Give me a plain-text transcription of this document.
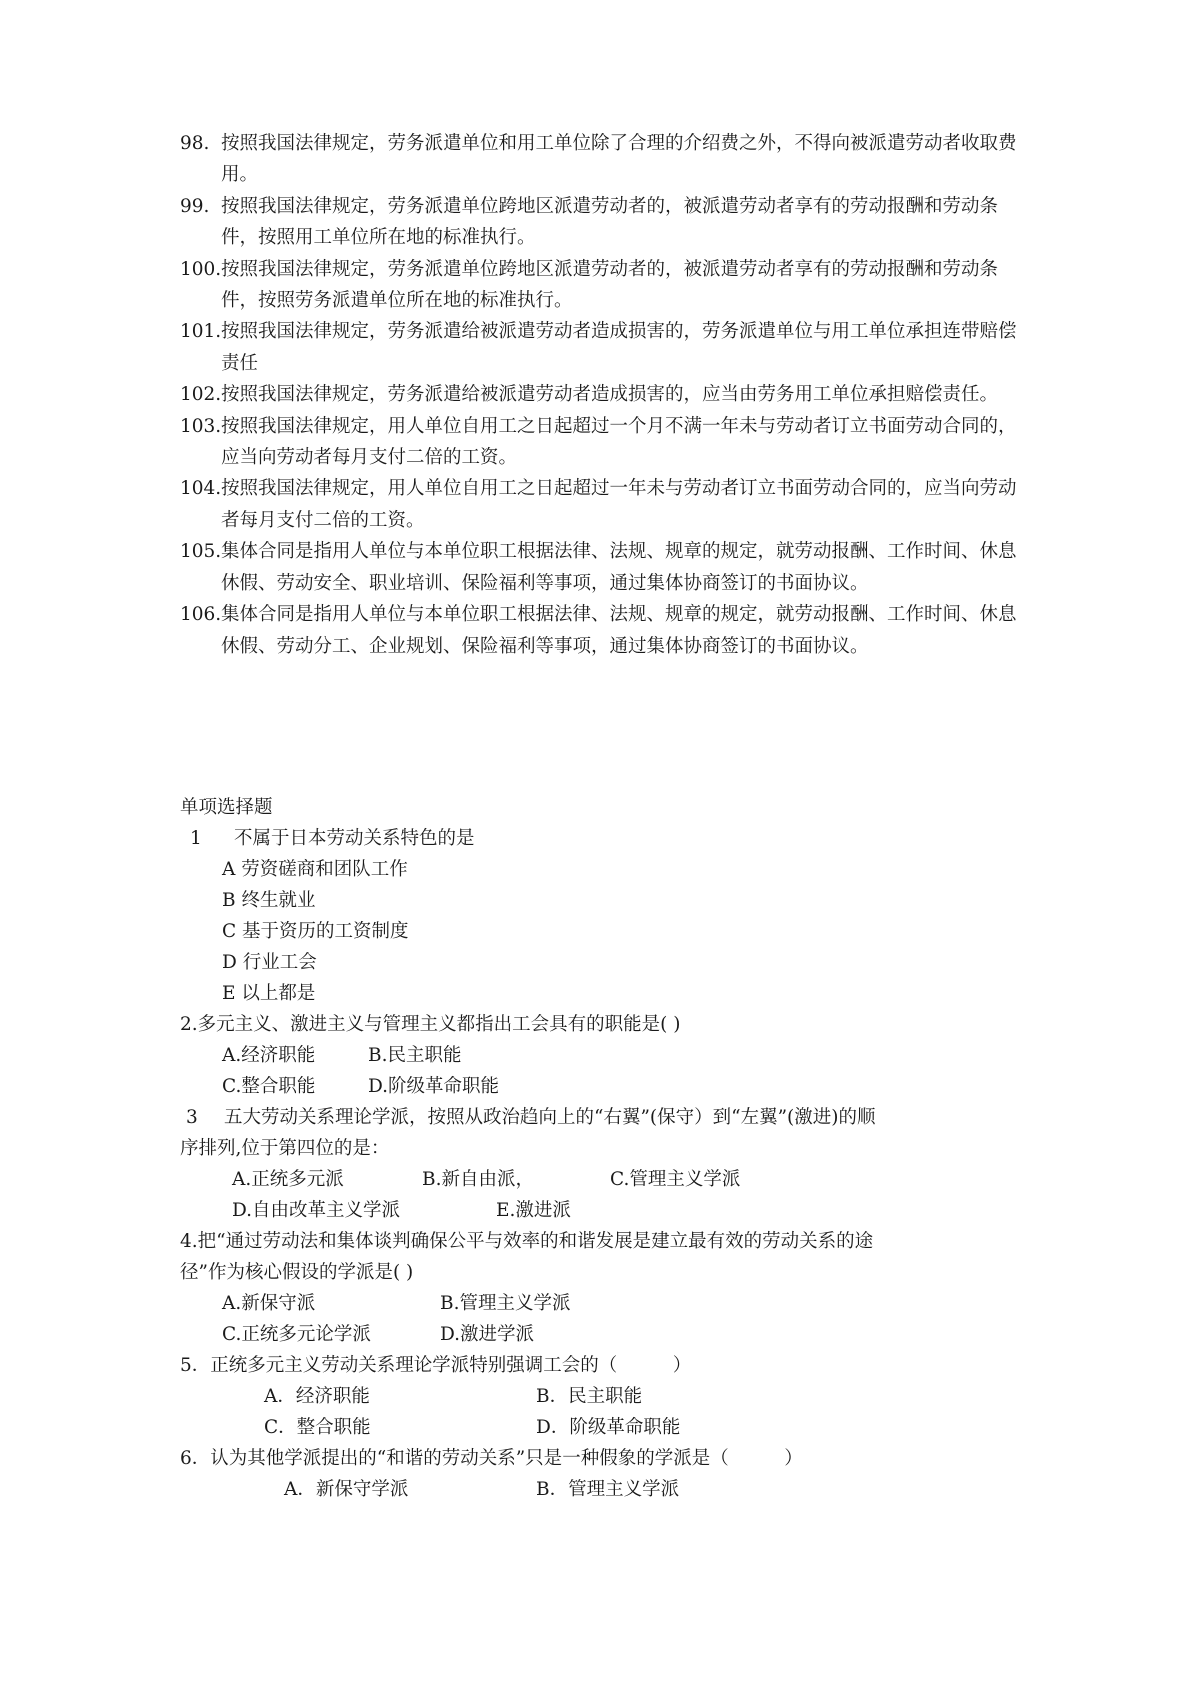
98. 按照我国法律规定，劳务派遣单位和用工单位除了合理的介绍费之外，不得向被派遣劳动者收取费用。

99. 按照我国法律规定，劳务派遣单位跨地区派遣劳动者的，被派遣劳动者享有的劳动报酬和劳动条件，按照用工单位所在地的标准执行。

100. 按照我国法律规定，劳务派遣单位跨地区派遣劳动者的，被派遣劳动者享有的劳动报酬和劳动条件，按照劳务派遣单位所在地的标准执行。

101. 按照我国法律规定，劳务派遣给被派遣劳动者造成损害的，劳务派遣单位与用工单位承担连带赔偿责任

102. 按照我国法律规定，劳务派遣给被派遣劳动者造成损害的，应当由劳务用工单位承担赔偿责任。

103. 按照我国法律规定，用人单位自用工之日起超过一个月不满一年未与劳动者订立书面劳动合同的，应当向劳动者每月支付二倍的工资。

104. 按照我国法律规定，用人单位自用工之日起超过一年未与劳动者订立书面劳动合同的，应当向劳动者每月支付二倍的工资。

105. 集体合同是指用人单位与本单位职工根据法律、法规、规章的规定，就劳动报酬、工作时间、休息休假、劳动安全、职业培训、保险福利等事项，通过集体协商签订的书面协议。

106. 集体合同是指用人单位与本单位职工根据法律、法规、规章的规定，就劳动报酬、工作时间、休息休假、劳动分工、企业规划、保险福利等事项，通过集体协商签订的书面协议。

单项选择题
1 不属于日本劳动关系特色的是
A 劳资磋商和团队工作
B 终生就业
C 基于资历的工资制度
D 行业工会
E 以上都是
2.多元主义、激进主义与管理主义都指出工会具有的职能是( )
A.经济职能	B.民主职能
C.整合职能	D.阶级革命职能
3 五大劳动关系理论学派，按照从政治趋向上的“右翼”(保守）到“左翼”(激进)的顺
序排列,位于第四位的是：
A.正统多元派	B.新自由派，	C.管理主义学派
D.自由改革主义学派	E.激进派
4.把“通过劳动法和集体谈判确保公平与效率的和谐发展是建立最有效的劳动关系的途
径”作为核心假设的学派是( )
A.新保守派	B.管理主义学派
C.正统多元论学派	D.激进学派
5．正统多元主义劳动关系理论学派特别强调工会的（　　　）
A．经济职能	B．民主职能
C．整合职能	D．阶级革命职能
6．认为其他学派提出的“和谐的劳动关系”只是一种假象的学派是（　　　）
A．新保守学派	B．管理主义学派
